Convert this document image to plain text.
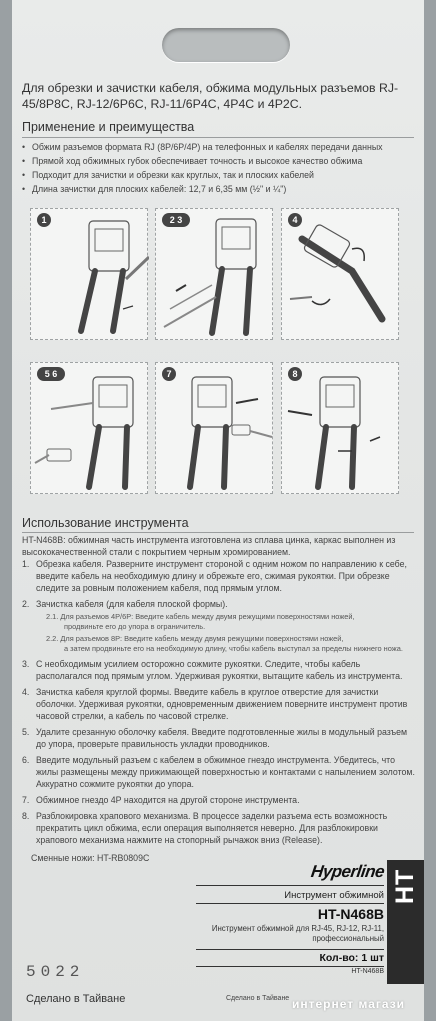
Для обрезки и зачистки кабеля, обжима модульных разъемов RJ-45/8P8C, RJ-12/6P6C, RJ-11/6P4C, 4P4C и 4P2C.
Применение и преимущества
• Обжим разъемов формата RJ (8P/6P/4P) на телефонных и кабелях передачи данных
• Прямой ход обжимных губок обеспечивает точность и высокое качество обжима
• Подходит для зачистки и обрезки как круглых, так и плоских кабелей
• Длина зачистки для плоских кабелей: 12,7 и 6,35 мм (½" и ¼")
1	2 3	4
5 6	7	8
Использование инструмента
HT-N468B: обжимная часть инструмента изготовлена из сплава цинка, каркас выполнен из высококачественной стали с покрытием черным хромированием.
1. Обрезка кабеля. Разверните инструмент стороной с одним ножом по направлению к себе, введите кабель на необходимую длину и обрежьте его, сжимая рукоятки. При обрезке следите за ровным положением кабеля, под прямым углом.
2. Зачистка кабеля (для кабеля плоской формы).
2.1. Для разъемов 4P/6P: Введите кабель между двумя режущими поверхностями ножей,
продвиньте его до упора в ограничитель.
2.2. Для разъемов 8P: Введите кабель между двумя режущими поверхностями ножей,
а затем продвиньте его на необходимую длину, чтобы кабель выступал за пределы нижнего ножа.
3. С необходимым усилием осторожно сожмите рукоятки. Следите, чтобы кабель располагался под прямым углом. Удерживая рукоятки, вытащите кабель из инструмента.
4. Зачистка кабеля круглой формы. Введите кабель в круглое отверстие для зачистки оболочки. Удерживая рукоятки, одновременным движением поверните инструмент против часовой стрелки, а кабель по часовой стрелке.
5. Удалите срезанную оболочку кабеля. Введите подготовленные жилы в модульный разъем до упора, проверьте правильность укладки проводников.
6. Введите модульный разъем с кабелем в обжимное гнездо инструмента. Убедитесь, что жилы размещены между прижимающей поверхностью и контактами с напылением золотом. Аккуратно сожмите рукоятки до упора.
7. Обжимное гнездо 4P находится на другой стороне инструмента.
8. Разблокировка храпового механизма. В процессе заделки разъема есть возможность прекратить цикл обжима, если операция выполняется неверно. Для разблокировки храпового механизма нажмите на стопорный рычажок вниз (Release).
Сменные ножи: HT-RB0809C
5022
Сделано в Тайване	Сделано в Тайване
Hyperline
Инструмент обжимной
HT-N468B
Инструмент обжимной для RJ-45, RJ-12, RJ-11, профессиональный
Кол-во: 1 шт
HT-N468B
HT
интернет магази
